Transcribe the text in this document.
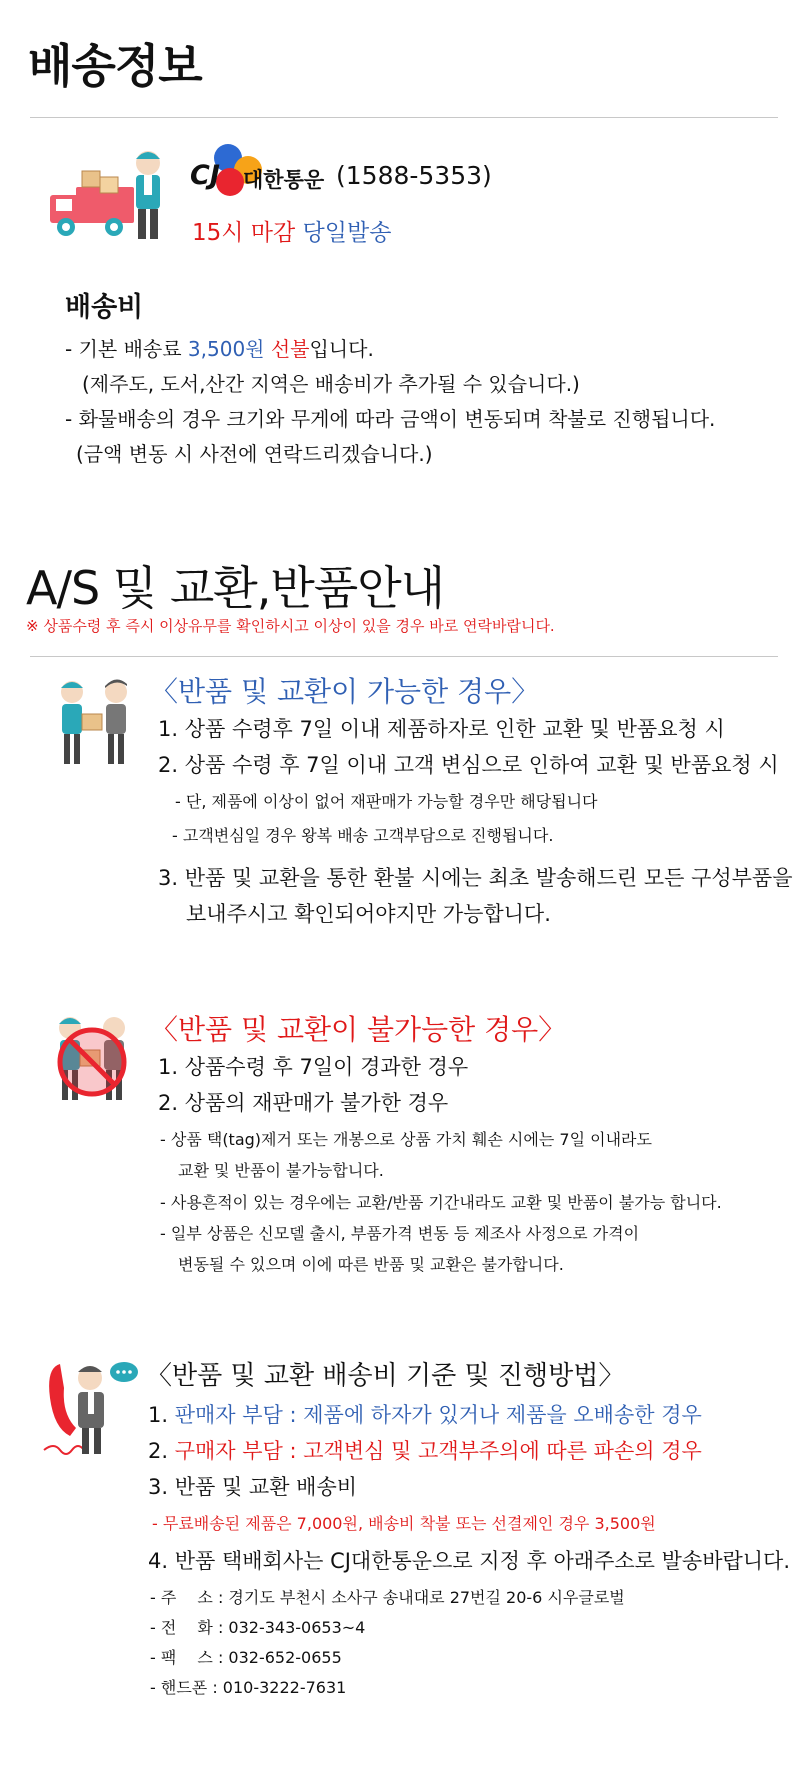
배송정보
CJ 대한통운 (1588-5353)
15시 마감 당일발송
배송비
- 기본 배송료 3,500원 선불입니다.
(제주도, 도서,산간 지역은 배송비가 추가될 수 있습니다.)
- 화물배송의 경우 크기와 무게에 따라 금액이 변동되며 착불로 진행됩니다.
(금액 변동 시 사전에 연락드리겠습니다.)
A/S 및 교환,반품안내
※ 상품수령 후 즉시 이상유무를 확인하시고 이상이 있을 경우 바로 연락바랍니다.
〈반품 및 교환이 가능한 경우〉
1. 상품 수령후 7일 이내 제품하자로 인한 교환 및 반품요청 시
2. 상품 수령 후 7일 이내 고객 변심으로 인하여 교환 및 반품요청 시
- 단, 제품에 이상이 없어 재판매가 가능할 경우만 해당됩니다
- 고객변심일 경우 왕복 배송 고객부담으로 진행됩니다.
3. 반품 및 교환을 통한 환불 시에는 최초 발송해드린 모든 구성부품을
보내주시고 확인되어야지만 가능합니다.
〈반품 및 교환이 불가능한 경우〉
1. 상품수령 후 7일이 경과한 경우
2. 상품의 재판매가 불가한 경우
- 상품 택(tag)제거 또는 개봉으로 상품 가치 훼손 시에는 7일 이내라도
교환 및 반품이 불가능합니다.
- 사용흔적이 있는 경우에는 교환/반품 기간내라도 교환 및 반품이 불가능 합니다.
- 일부 상품은 신모델 출시, 부품가격 변동 등 제조사 사정으로 가격이
변동될 수 있으며 이에 따른 반품 및 교환은 불가합니다.
〈반품 및 교환 배송비 기준 및 진행방법〉
1. 판매자 부담 : 제품에 하자가 있거나 제품을 오배송한 경우
2. 구매자 부담 : 고객변심 및 고객부주의에 따른 파손의 경우
3. 반품 및 교환 배송비
- 무료배송된 제품은 7,000원, 배송비 착불 또는 선결제인 경우 3,500원
4. 반품 택배회사는 CJ대한통운으로 지정 후 아래주소로 발송바랍니다.
- 주　 소 : 경기도 부천시 소사구 송내대로 27번길 20-6 시우글로벌
- 전　 화 : 032-343-0653~4
- 팩　 스 : 032-652-0655
- 핸드폰 : 010-3222-7631
